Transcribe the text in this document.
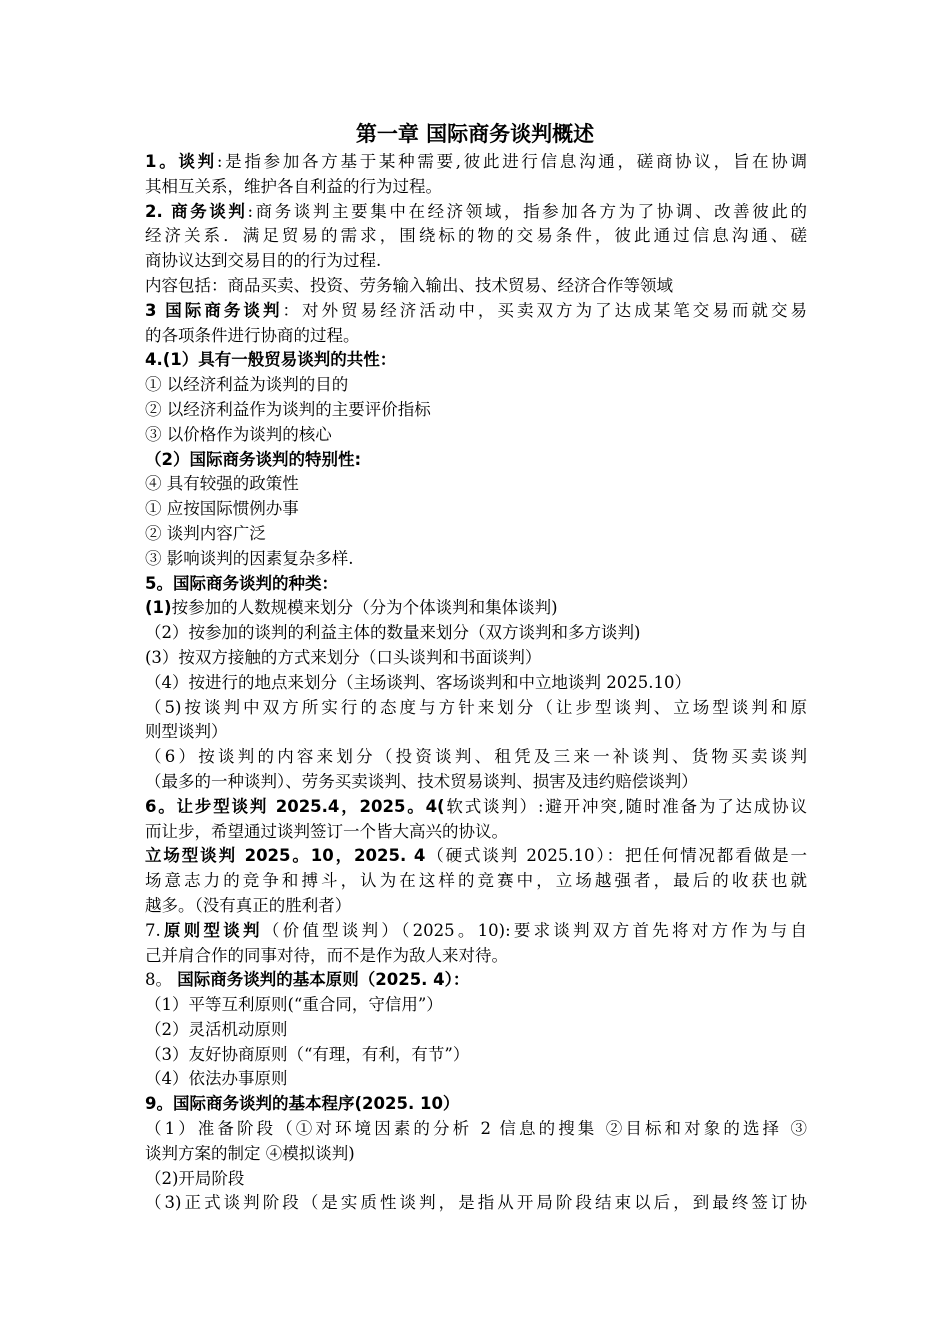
第一章 国际商务谈判概述
1。谈判:是指参加各方基于某种需要,彼此进行信息沟通，磋商协议，旨在协调
其相互关系，维护各自利益的行为过程。
2. 商务谈判:商务谈判主要集中在经济领域，指参加各方为了协调、改善彼此的
经济关系．满足贸易的需求，围绕标的物的交易条件，彼此通过信息沟通、磋
商协议达到交易目的的行为过程.
内容包括：商品买卖、投资、劳务输入输出、技术贸易、经济合作等领域
3 国际商务谈判：对外贸易经济活动中，买卖双方为了达成某笔交易而就交易
的各项条件进行协商的过程。
4.(1）具有一般贸易谈判的共性：
① 以经济利益为谈判的目的
② 以经济利益作为谈判的主要评价指标
③ 以价格作为谈判的核心
（2）国际商务谈判的特别性:
④ 具有较强的政策性
① 应按国际惯例办事
② 谈判内容广泛
③ 影响谈判的因素复杂多样.
5。国际商务谈判的种类：
(1)按参加的人数规模来划分（分为个体谈判和集体谈判)
（2）按参加的谈判的利益主体的数量来划分（双方谈判和多方谈判)
(3）按双方接触的方式来划分（口头谈判和书面谈判）
（4）按进行的地点来划分（主场谈判、客场谈判和中立地谈判 2025.10）
（5)按谈判中双方所实行的态度与方针来划分（让步型谈判、立场型谈判和原
则型谈判）
（6）按谈判的内容来划分（投资谈判、租凭及三来一补谈判、货物买卖谈判
（最多的一种谈判）、劳务买卖谈判、技术贸易谈判、损害及违约赔偿谈判）
6。让步型谈判 2025.4，2025。4(软式谈判）:避开冲突,随时准备为了达成协议
而让步，希望通过谈判签订一个皆大高兴的协议。
立场型谈判 2025。10，2025. 4（硬式谈判 2025.10）：把任何情况都看做是一
场意志力的竞争和搏斗，认为在这样的竞赛中，立场越强者，最后的收获也就
越多。（没有真正的胜利者）
7.原则型谈判（价值型谈判）（2025。10):要求谈判双方首先将对方作为与自
己并肩合作的同事对待，而不是作为敌人来对待。
8。 国际商务谈判的基本原则（2025. 4）：
（1）平等互利原则(“重合同，守信用”）
（2）灵活机动原则
（3）友好协商原则（“有理，有利，有节”）
（4）依法办事原则
9。国际商务谈判的基本程序(2025. 10）
（1）准备阶段（①对环境因素的分析 2 信息的搜集 ②目标和对象的选择 ③
谈判方案的制定 ④模拟谈判)
（2)开局阶段
（3)正式谈判阶段（是实质性谈判，是指从开局阶段结束以后，到最终签订协
